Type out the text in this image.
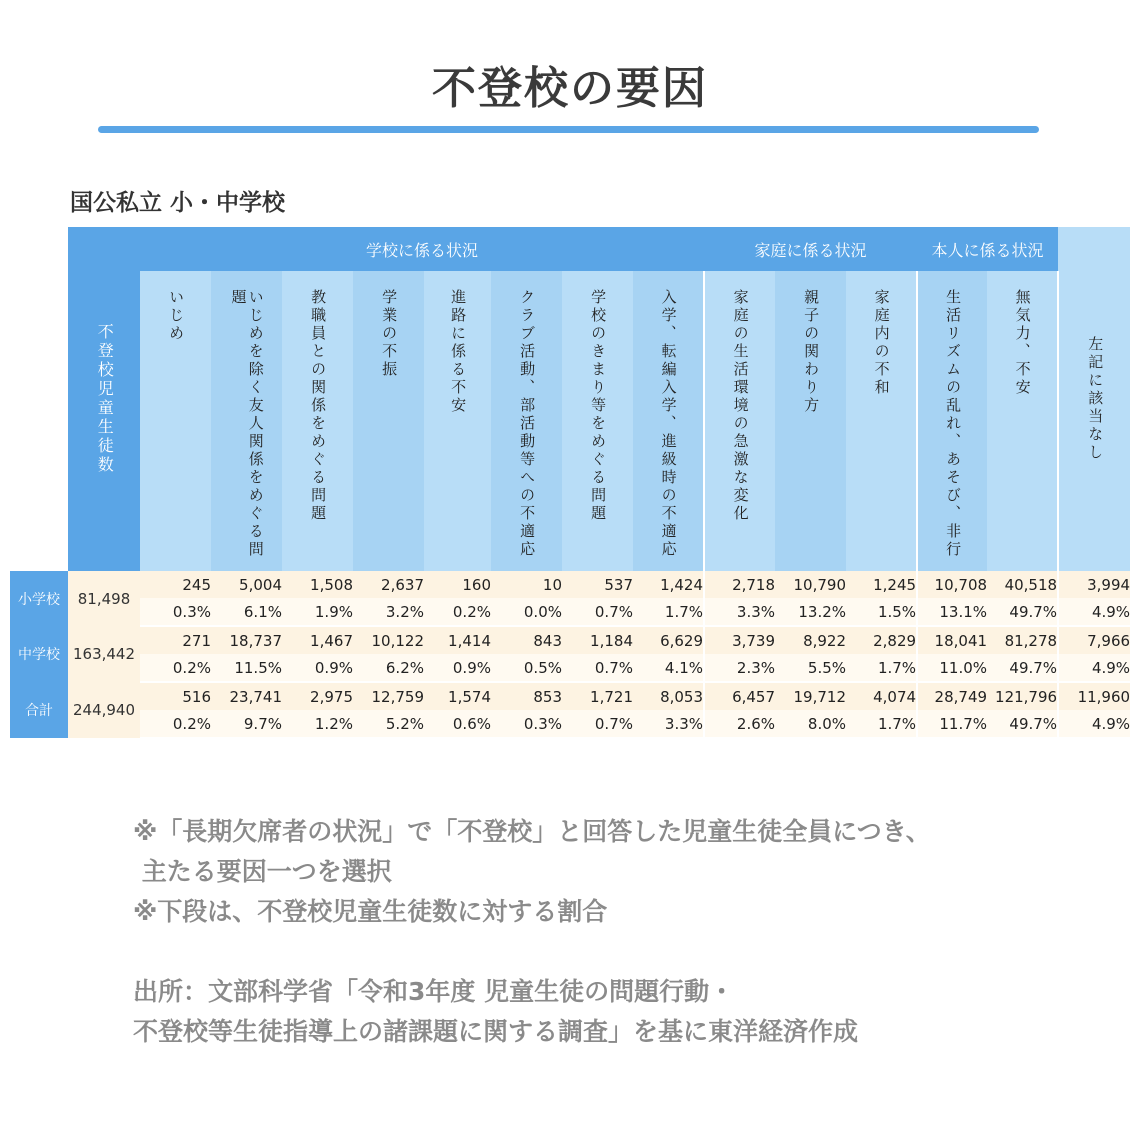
不登校の要因
国公私立 小・中学校

	不登校児童生徒数	学校に係る状況								家庭に係る状況			本人に係る状況		左記に該当なし

		いじめ	いじめを除く友人関係をめぐる問題	教職員との関係をめぐる問題	学業の不振	進路に係る不安	クラブ活動、部活動等への不適応	学校のきまり等をめぐる問題	入学、転編入学、進級時の不適応	家庭の生活環境の急激な変化	親子の関わり方	家庭内の不和	生活リズムの乱れ、あそび、非行	無気力、不安	

小学校	81,498	245	5,004	1,508	2,637	160	10	537	1,424	2,718	10,790	1,245	10,708	40,518	3,994
		0.3%	6.1%	1.9%	3.2%	0.2%	0.0%	0.7%	1.7%	3.3%	13.2%	1.5%	13.1%	49.7%	4.9%
中学校	163,442	271	18,737	1,467	10,122	1,414	843	1,184	6,629	3,739	8,922	2,829	18,041	81,278	7,966
		0.2%	11.5%	0.9%	6.2%	0.9%	0.5%	0.7%	4.1%	2.3%	5.5%	1.7%	11.0%	49.7%	4.9%
合計	244,940	516	23,741	2,975	12,759	1,574	853	1,721	8,053	6,457	19,712	4,074	28,749	121,796	11,960
		0.2%	9.7%	1.2%	5.2%	0.6%	0.3%	0.7%	3.3%	2.6%	8.0%	1.7%	11.7%	49.7%	4.9%
※「長期欠席者の状況」で「不登校」と回答した児童生徒全員につき、
主たる要因一つを選択
※下段は、不登校児童生徒数に対する割合
出所：文部科学省「令和3年度 児童生徒の問題行動・
不登校等生徒指導上の諸課題に関する調査」を基に東洋経済作成
